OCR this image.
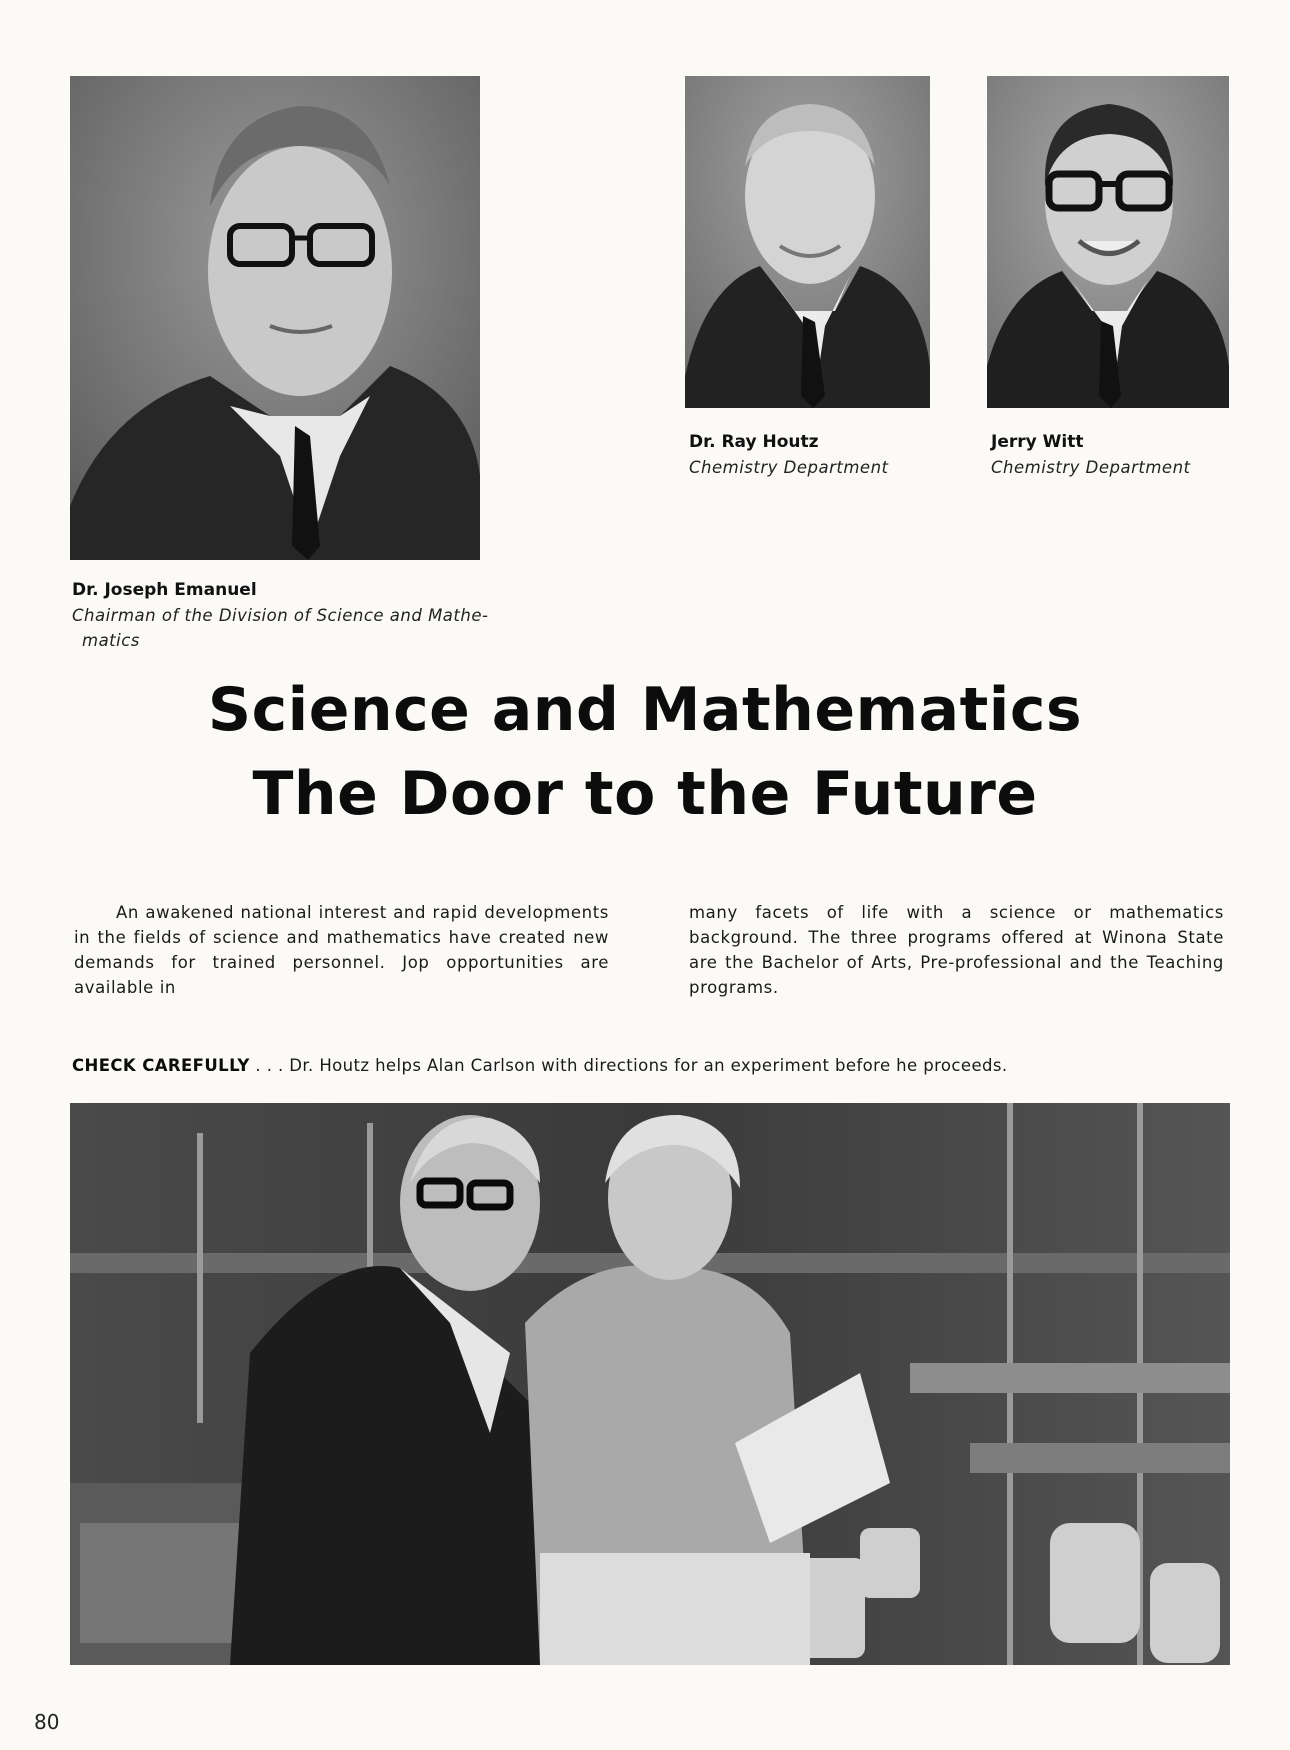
Dr. Ray Houtz
Chemistry Department
Jerry Witt
Chemistry Department
Dr. Joseph Emanuel
Chairman of the Division of Science and Mathe-
matics
Science and Mathematics
The Door to the Future
An awakened national interest and rapid developments in the fields of science and mathematics have created new demands for trained personnel. Jop opportunities are available in
many facets of life with a science or mathematics background. The three programs offered at Winona State are the Bachelor of Arts, Pre-professional and the Teaching programs.
CHECK CAREFULLY . . . Dr. Houtz helps Alan Carlson with directions for an experiment before he proceeds.
80
